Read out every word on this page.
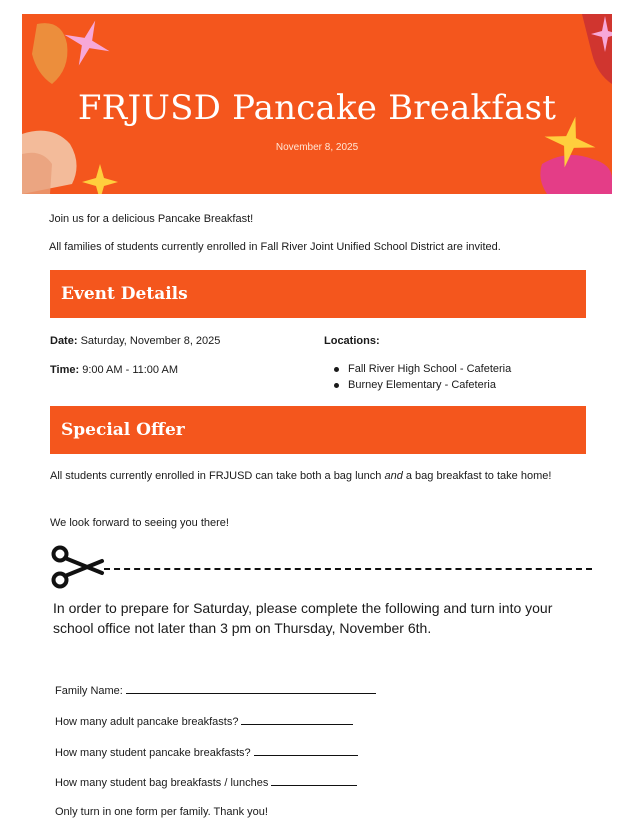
FRJUSD Pancake Breakfast
November 8, 2025
Join us for a delicious Pancake Breakfast!
All families of students currently enrolled in Fall River Joint Unified School District are invited.
Event Details
Date: Saturday, November 8, 2025
Time: 9:00 AM - 11:00 AM
Locations:
Fall River High School - Cafeteria
Burney Elementary - Cafeteria
Special Offer
All students currently enrolled in FRJUSD can take both a bag lunch and a bag breakfast to take home!
We look forward to seeing you there!
In order to prepare for Saturday, please complete the following and turn into your school office not later than 3 pm on Thursday, November 6th.
Family Name:
How many adult pancake breakfasts?
How many student pancake breakfasts?
How many student bag breakfasts / lunches
Only turn in one form per family. Thank you!
